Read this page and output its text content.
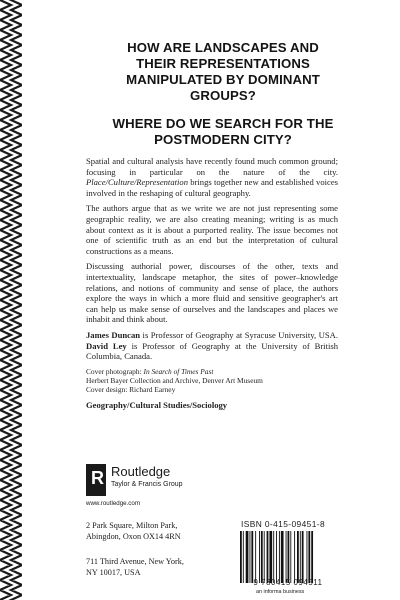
HOW ARE LANDSCAPES AND THEIR REPRESENTATIONS MANIPULATED BY DOMINANT GROUPS?
WHERE DO WE SEARCH FOR THE POSTMODERN CITY?

Spatial and cultural analysis have recently found much common ground; focusing in particular on the nature of the city. Place/Culture/Representation brings together new and established voices involved in the reshaping of cultural geography.

The authors argue that as we write we are not just representing some geographic reality, we are also creating meaning; writing is as much about context as it is about a purported reality. The issue becomes not one of scientific truth as an end but the interpretation of cultural constructions as a means.

Discussing authorial power, discourses of the other, texts and intertextuality, landscape metaphor, the sites of power–knowledge relations, and notions of community and sense of place, the authors explore the ways in which a more fluid and sensitive geographer's art can help us make sense of ourselves and the landscapes and places we inhabit and think about.

James Duncan is Professor of Geography at Syracuse University, USA. David Ley is Professor of Geography at the University of British Columbia, Canada.

Cover photograph: In Search of Times Past
Herbert Bayer Collection and Archive, Denver Art Museum
Cover design: Richard Earney
Geography/Cultural Studies/Sociology
R Routledge
Taylor & Francis Group
www.routledge.com
2 Park Square, Milton Park,
Abingdon, Oxon OX14 4RN
711 Third Avenue, New York,
NY 10017, USA
ISBN 0-415-09451-8
9 780415 094511
an informa business
